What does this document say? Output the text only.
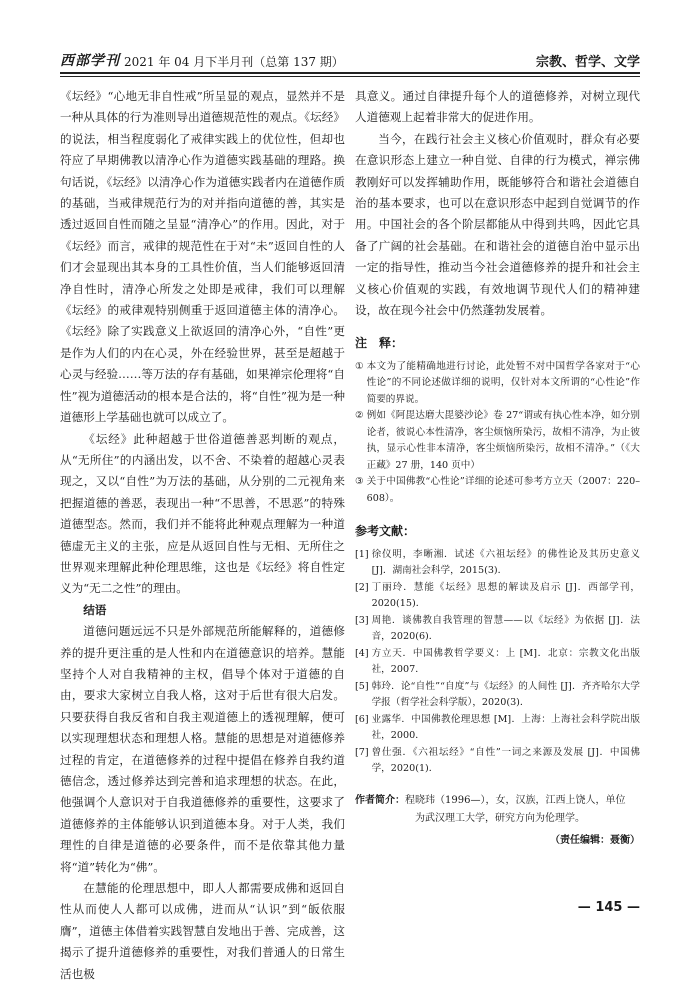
西部学刊 2021 年 04 月下半月刊（总第 137 期）	宗教、哲学、文学

《坛经》“心地无非自性戒”所呈显的观点，显然并不是一种从具体的行为准则导出道德规范性的观点。《坛经》的说法，相当程度弱化了戒律实践上的优位性，但却也符应了早期佛教以清净心作为道德实践基础的理路。换句话说，《坛经》以清净心作为道德实践者内在道德作质的基础，当戒律规范行为的对并指向道德的善，其实是透过返回自性而随之呈显“清净心”的作用。因此，对于《坛经》而言，戒律的规范性在于对“未”返回自性的人们才会显现出其本身的工具性价值，当人们能够返回清净自性时，清净心所发之处即是戒律，我们可以理解《坛经》的戒律观特别侧重于返回道德主体的清净心。《坛经》除了实践意义上欲返回的清净心外，“自性”更是作为人们的内在心灵，外在经验世界，甚至是超越于心灵与经验……等万法的存有基础，如果禅宗伦理将“自性”视为道德活动的根本是合法的，将“自性”视为是一种道德形上学基础也就可以成立了。

《坛经》此种超越于世俗道德善恶判断的观点，从“无所住”的内涵出发，以不舍、不染着的超越心灵表现之，又以“自性”为万法的基础，从分别的二元视角来把握道德的善恶，表现出一种“不思善，不思恶”的特殊道德型态。然而，我们并不能将此种观点理解为一种道德虚无主义的主张，应是从返回自性与无相、无所住之世界观来理解此种伦理思维，这也是《坛经》将自性定义为“无二之性”的理由。

结语

道德问题远远不只是外部规范所能解释的，道德修养的提升更注重的是人性和内在道德意识的培养。慧能坚持个人对自我精神的主权，倡导个体对于道德的自由，要求大家树立自我人格，这对于后世有很大启发。只要获得自我反省和自我主观道德上的透视理解，便可以实现理想状态和理想人格。慧能的思想是对道德修养过程的肯定，在道德修养的过程中提倡在修养自我约道德信念，透过修养达到完善和追求理想的状态。在此，他强调个人意识对于自我道德修养的重要性，这要求了道德修养的主体能够认识到道德本身。对于人类，我们理性的自律是道德的必要条件，而不是依靠其他力量将“道”转化为“佛”。

在慧能的伦理思想中，即人人都需要成佛和返回自性从而使人人都可以成佛，进而从“认识”到“皈依服膺”，道德主体借着实践智慧自发地出于善、完成善，这揭示了提升道德修养的重要性，对我们普通人的日常生活也极

具意义。通过自律提升每个人的道德修养，对树立现代人道德观上起着非常大的促进作用。

当今，在践行社会主义核心价值观时，群众有必要在意识形态上建立一种自觉、自律的行为模式，禅宗佛教刚好可以发挥辅助作用，既能够符合和谐社会道德自治的基本要求，也可以在意识形态中起到自觉调节的作用。中国社会的各个阶层都能从中得到共鸣，因此它具备了广阔的社会基础。在和谐社会的道德自治中显示出一定的指导性，推动当今社会道德修养的提升和社会主义核心价值观的实践，有效地调节现代人们的精神建设，故在现今社会中仍然蓬勃发展着。

注　释：
① 本文为了能精确地进行讨论，此处暂不对中国哲学各家对于“心性论”的不同论述做详细的说明，仅针对本文所谓的“心性论”作简要的界说。
② 例如《阿毘达磨大毘婆沙论》卷 27“谓或有执心性本净，如分别论者，彼说心本性清净，客尘烦恼所染污，故相不清净，为止彼执，显示心性非本清净，客尘烦恼所染污，故相不清净。”（《大正藏》27 册，140 页中）
③ 关于中国佛教“心性论”详细的论述可参考方立天（2007：220–608）。
参考文献：
[1] 徐仪明，李晰湘．试述《六祖坛经》的佛性论及其历史意义 [J]．湖南社会科学，2015(3)．
[2] 丁丽玲．慧能《坛经》思想的解读及启示 [J]．西部学刊，2020(15)．
[3] 周艳．谈佛教自我管理的智慧——以《坛经》为依据 [J]．法音，2020(6)．
[4] 方立天．中国佛教哲学要义：上 [M]．北京：宗教文化出版社，2007．
[5] 韩玲．论“自性”“自度”与《坛经》的人间性 [J]．齐齐哈尔大学学报（哲学社会科学版），2020(3)．
[6] 业露华．中国佛教伦理思想 [M]．上海：上海社会科学院出版社，2000．
[7] 曾仕强．《六祖坛经》“自性”一词之来源及发展 [J]．中国佛学，2020(1)．
作者简介：程晓玮（1996—），女，汉族，江西上饶人，单位
为武汉理工大学，研究方向为伦理学。
（责任编辑：聂衡）
— 145 —
